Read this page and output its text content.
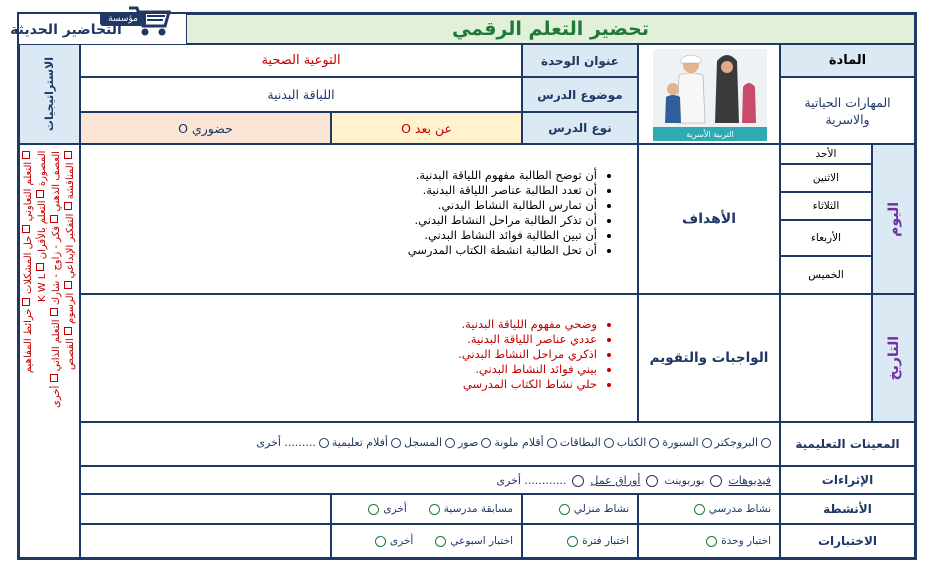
مؤسسة
التحاضير الحديثة	تحضير التعلم الرقمي
الاستراتيجيات
التعلم التعاوني  حل المشكلات  خرائط المفاهيم
المصورة  التعلم بالأقران  K W L
العصف الذهني  فكر - زاوج - شارك  التعلم الذاتي  أخرى
المناقشة  التفكير الإبداعي  الرسوم  القصص
المادة
المهارات الحياتية والاسرية
التربية الأسرية
عنوان الوحدة
التوعية الصحية
موضوع الدرس
اللياقة البدنية
نوع الدرس
عن بعد O
حضوري O
اليوم
الأحد
الاثنين
الثلاثاء
الأربعاء
الخميس
التاريخ
الأهداف
• أن توضح الطالبة مفهوم اللياقة البدنية.
• أن تعدد الطالبة عناصر اللياقة البدنية.
• أن تمارس الطالبة النشاط البدني.
• أن تذكر الطالبة مراحل النشاط البدني.
• أن تبين الطالبة فوائد النشاط البدني.
• أن تحل الطالبة انشطة الكتاب المدرسي
الواجبات والتقويم
• وضحي مفهوم اللياقة البدنية.
• عددي عناصر اللياقة البدنية.
• اذكري مراحل النشاط البدني.
• بيني فوائد النشاط البدني.
• حلي نشاط الكتاب المدرسي
المعينات التعليمية
البروجكتر
السبورة
الكتاب
البطاقات
أقلام ملونة
صور
المسجل
أفلام تعليمية
أخرى .........
الإثراءات
فيديوهات
بوربوينت
أوراق عمل
أخرى ............
الأنشطة
نشاط مدرسي
نشاط منزلي
مسابقة مدرسية
أخرى
الاختبارات
اختبار وحدة
اختبار فترة
اختبار اسبوعي
أخرى
